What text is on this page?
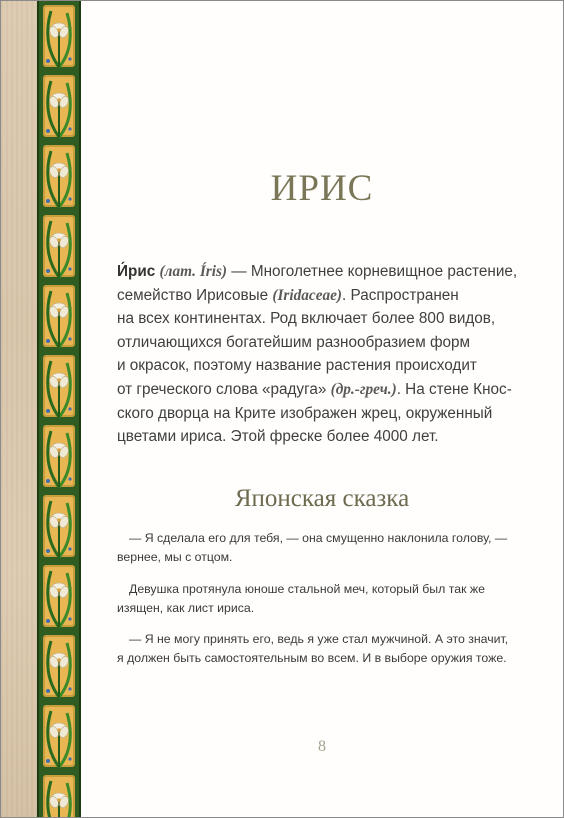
ИРИС

И́рис (лат. Íris) — Многолетнее корневищное растение,
семейство Ирисовые (Iridaceae). Распространен
на всех континентах. Род включает более 800 видов,
отличающихся богатейшим разнообразием форм
и окрасок, поэтому название растения происходит
от греческого слова «радуга» (др.-греч.). На стене Кнос-
ского дворца на Крите изображен жрец, окруженный
цветами ириса. Этой фреске более 4000 лет.

Японская сказка

— Я сделала его для тебя, — она смущенно наклонила голову, —
вернее, мы с отцом.

Девушка протянула юноше стальной меч, который был так же
изящен, как лист ириса.

— Я не могу принять его, ведь я уже стал мужчиной. А это значит,
я должен быть самостоятельным во всем. И в выборе оружия тоже.

8
